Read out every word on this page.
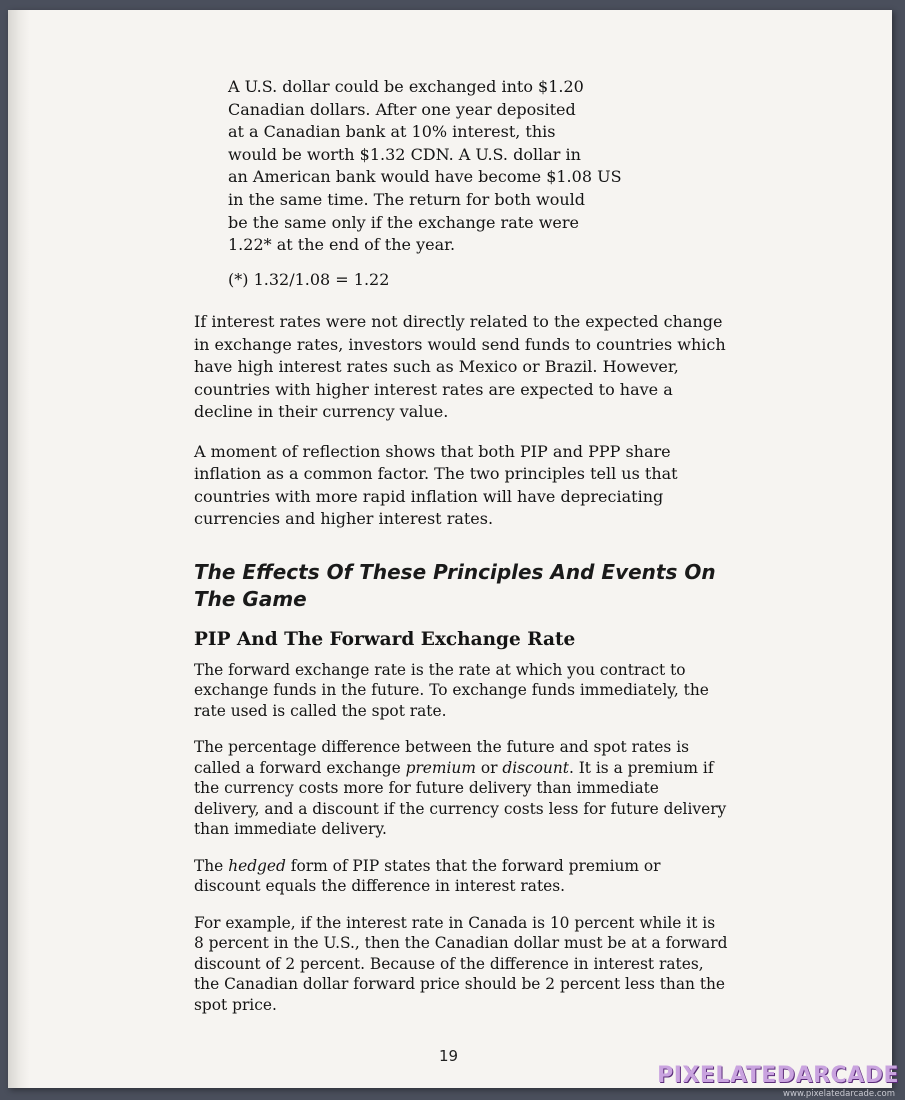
A U.S. dollar could be exchanged into $1.20

Canadian dollars. After one year deposited

at a Canadian bank at 10% interest, this

would be worth $1.32 CDN. A U.S. dollar in

an American bank would have become $1.08 US

in the same time. The return for both would

be the same only if the exchange rate were

1.22* at the end of the year.

(*) 1.32/1.08 = 1.22

If interest rates were not directly related to the expected change in exchange rates, investors would send funds to countries which have high interest rates such as Mexico or Brazil. However, countries with higher interest rates are expected to have a decline in their currency value.

A moment of reflection shows that both PIP and PPP share inflation as a common factor. The two principles tell us that countries with more rapid inflation will have depreciating currencies and higher interest rates.

The Effects Of These Principles And Events On The Game
PIP And The Forward Exchange Rate

The forward exchange rate is the rate at which you contract to exchange funds in the future. To exchange funds immediately, the rate used is called the spot rate.

The percentage difference between the future and spot rates is called a forward exchange premium or discount. It is a premium if the currency costs more for future delivery than immediate delivery, and a discount if the currency costs less for future delivery than immediate delivery.

The hedged form of PIP states that the forward premium or discount equals the difference in interest rates.

For example, if the interest rate in Canada is 10 percent while it is 8 percent in the U.S., then the Canadian dollar must be at a forward discount of 2 percent. Because of the difference in interest rates, the Canadian dollar forward price should be 2 percent less than the spot price.

19
PIXELATEDARCADE
www.pixelatedarcade.com
